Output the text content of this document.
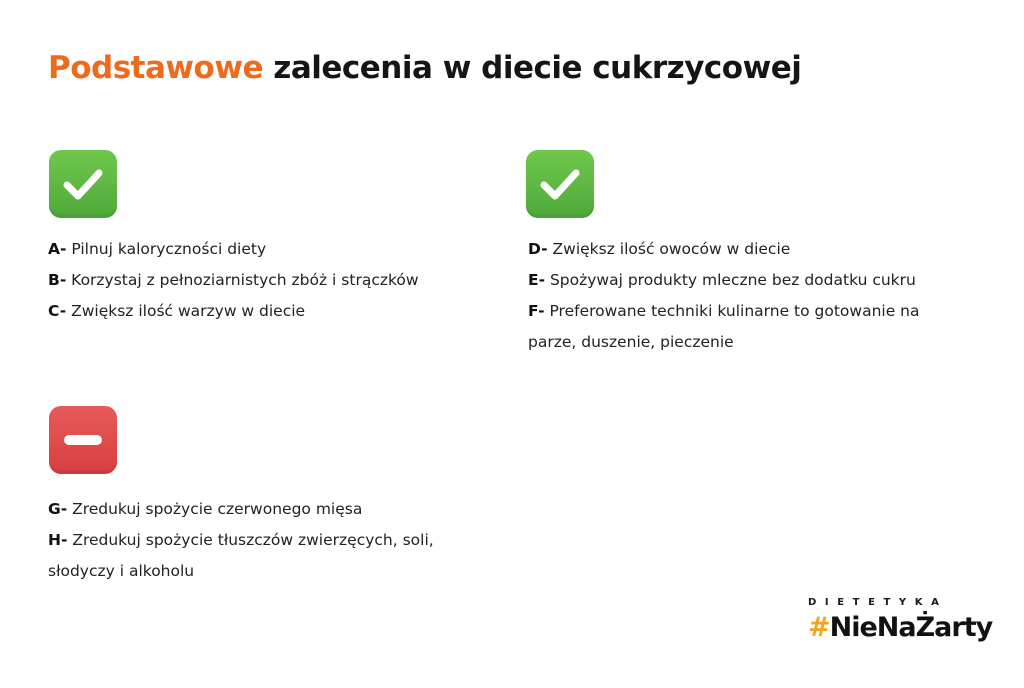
Podstawowe zalecenia w diecie cukrzycowej
A- Pilnuj kaloryczności diety
B- Korzystaj z pełnoziarnistych zbóż i strączków
C- Zwiększ ilość warzyw w diecie
D- Zwiększ ilość owoców w diecie
E- Spożywaj produkty mleczne bez dodatku cukru
F- Preferowane techniki kulinarne to gotowanie na parze, duszenie, pieczenie
G- Zredukuj spożycie czerwonego mięsa
H- Zredukuj spożycie tłuszczów zwierzęcych, soli, słodyczy i alkoholu
DIETETYKA
#NieNaŻarty
